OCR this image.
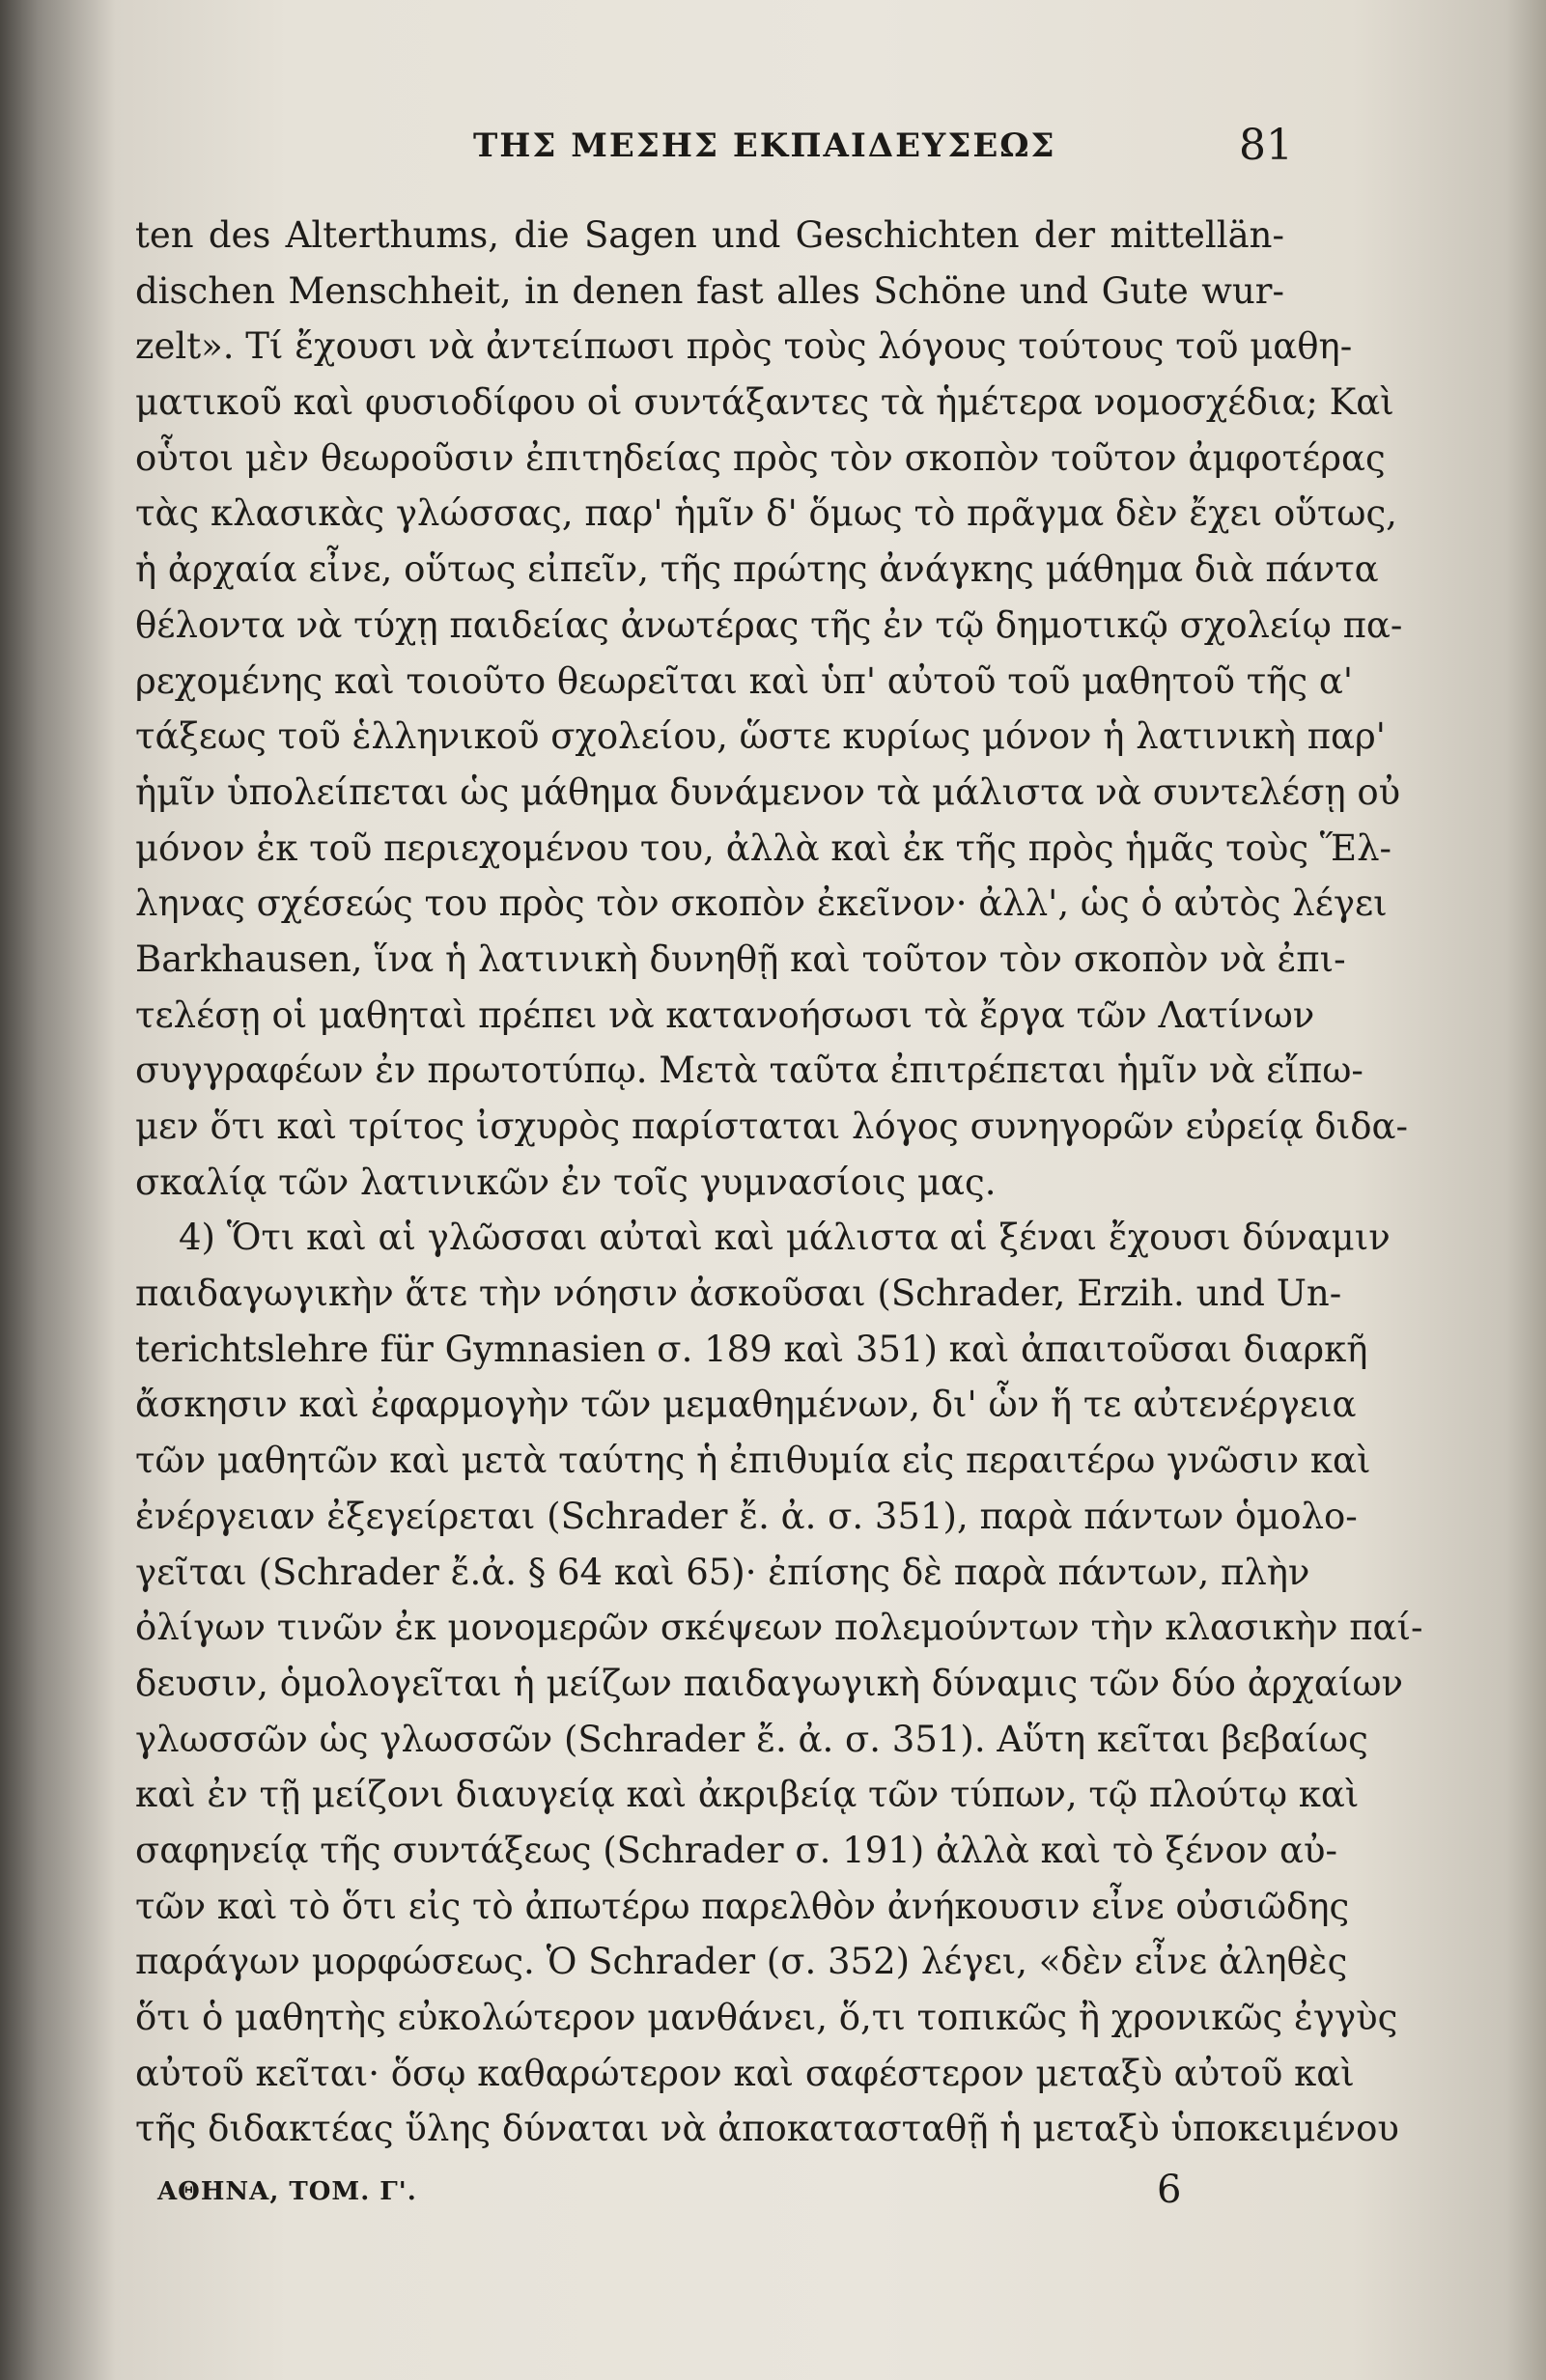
ΤΗΣ ΜΕΣΗΣ ΕΚΠΑΙΔΕΥΣΕΩΣ	81
ten des Alterthums, die Sagen und Geschichten der mittellän-
dischen Menschheit, in denen fast alles Schöne und Gute wur-
zelt». Τί ἔχουσι νὰ ἀντείπωσι πρὸς τοὺς λόγους τούτους τοῦ μαθη-
ματικοῦ καὶ φυσιοδίφου οἱ συντάξαντες τὰ ἡμέτερα νομοσχέδια; Καὶ
οὗτοι μὲν θεωροῦσιν ἐπιτηδείας πρὸς τὸν σκοπὸν τοῦτον ἀμφοτέρας
τὰς κλασικὰς γλώσσας, παρ' ἡμῖν δ' ὅμως τὸ πρᾶγμα δὲν ἔχει οὕτως,
ἡ ἀρχαία εἶνε, οὕτως εἰπεῖν, τῆς πρώτης ἀνάγκης μάθημα διὰ πάντα
θέλοντα νὰ τύχῃ παιδείας ἀνωτέρας τῆς ἐν τῷ δημοτικῷ σχολείῳ πα-
ρεχομένης καὶ τοιοῦτο θεωρεῖται καὶ ὑπ' αὐτοῦ τοῦ μαθητοῦ τῆς α'
τάξεως τοῦ ἑλληνικοῦ σχολείου, ὥστε κυρίως μόνον ἡ λατινικὴ παρ'
ἡμῖν ὑπολείπεται ὡς μάθημα δυνάμενον τὰ μάλιστα νὰ συντελέσῃ οὐ
μόνον ἐκ τοῦ περιεχομένου του, ἀλλὰ καὶ ἐκ τῆς πρὸς ἡμᾶς τοὺς Ἕλ-
ληνας σχέσεώς του πρὸς τὸν σκοπὸν ἐκεῖνον· ἀλλ', ὡς ὁ αὐτὸς λέγει
Barkhausen, ἵνα ἡ λατινικὴ δυνηθῇ καὶ τοῦτον τὸν σκοπὸν νὰ ἐπι-
τελέσῃ οἱ μαθηταὶ πρέπει νὰ κατανοήσωσι τὰ ἔργα τῶν Λατίνων
συγγραφέων ἐν πρωτοτύπῳ. Μετὰ ταῦτα ἐπιτρέπεται ἡμῖν νὰ εἴπω-
μεν ὅτι καὶ τρίτος ἰσχυρὸς παρίσταται λόγος συνηγορῶν εὐρείᾳ διδα-
σκαλίᾳ τῶν λατινικῶν ἐν τοῖς γυμνασίοις μας.
4) Ὅτι καὶ αἱ γλῶσσαι αὐταὶ καὶ μάλιστα αἱ ξέναι ἔχουσι δύναμιν
παιδαγωγικὴν ἅτε τὴν νόησιν ἀσκοῦσαι (Schrader, Erzih. und Un-
terichtslehre für Gymnasien σ. 189 καὶ 351) καὶ ἀπαιτοῦσαι διαρκῆ
ἄσκησιν καὶ ἐφαρμογὴν τῶν μεμαθημένων, δι' ὧν ἥ τε αὐτενέργεια
τῶν μαθητῶν καὶ μετὰ ταύτης ἡ ἐπιθυμία εἰς περαιτέρω γνῶσιν καὶ
ἐνέργειαν ἐξεγείρεται (Schrader ἔ. ἀ. σ. 351), παρὰ πάντων ὁμολο-
γεῖται (Schrader ἔ.ἀ. § 64 καὶ 65)· ἐπίσης δὲ παρὰ πάντων, πλὴν
ὀλίγων τινῶν ἐκ μονομερῶν σκέψεων πολεμούντων τὴν κλασικὴν παί-
δευσιν, ὁμολογεῖται ἡ μείζων παιδαγωγικὴ δύναμις τῶν δύο ἀρχαίων
γλωσσῶν ὡς γλωσσῶν (Schrader ἔ. ἀ. σ. 351). Αὕτη κεῖται βεβαίως
καὶ ἐν τῇ μείζονι διαυγείᾳ καὶ ἀκριβείᾳ τῶν τύπων, τῷ πλούτῳ καὶ
σαφηνείᾳ τῆς συντάξεως (Schrader σ. 191) ἀλλὰ καὶ τὸ ξένον αὐ-
τῶν καὶ τὸ ὅτι εἰς τὸ ἀπωτέρω παρελθὸν ἀνήκουσιν εἶνε οὐσιῶδης
παράγων μορφώσεως. Ὁ Schrader (σ. 352) λέγει, «δὲν εἶνε ἀληθὲς
ὅτι ὁ μαθητὴς εὐκολώτερον μανθάνει, ὅ,τι τοπικῶς ἢ χρονικῶς ἐγγὺς
αὐτοῦ κεῖται· ὅσῳ καθαρώτερον καὶ σαφέστερον μεταξὺ αὐτοῦ καὶ
τῆς διδακτέας ὕλης δύναται νὰ ἀποκατασταθῇ ἡ μεταξὺ ὑποκειμένου
ΑΘΗΝΑ, ΤΟΜ. Γ'.	6
